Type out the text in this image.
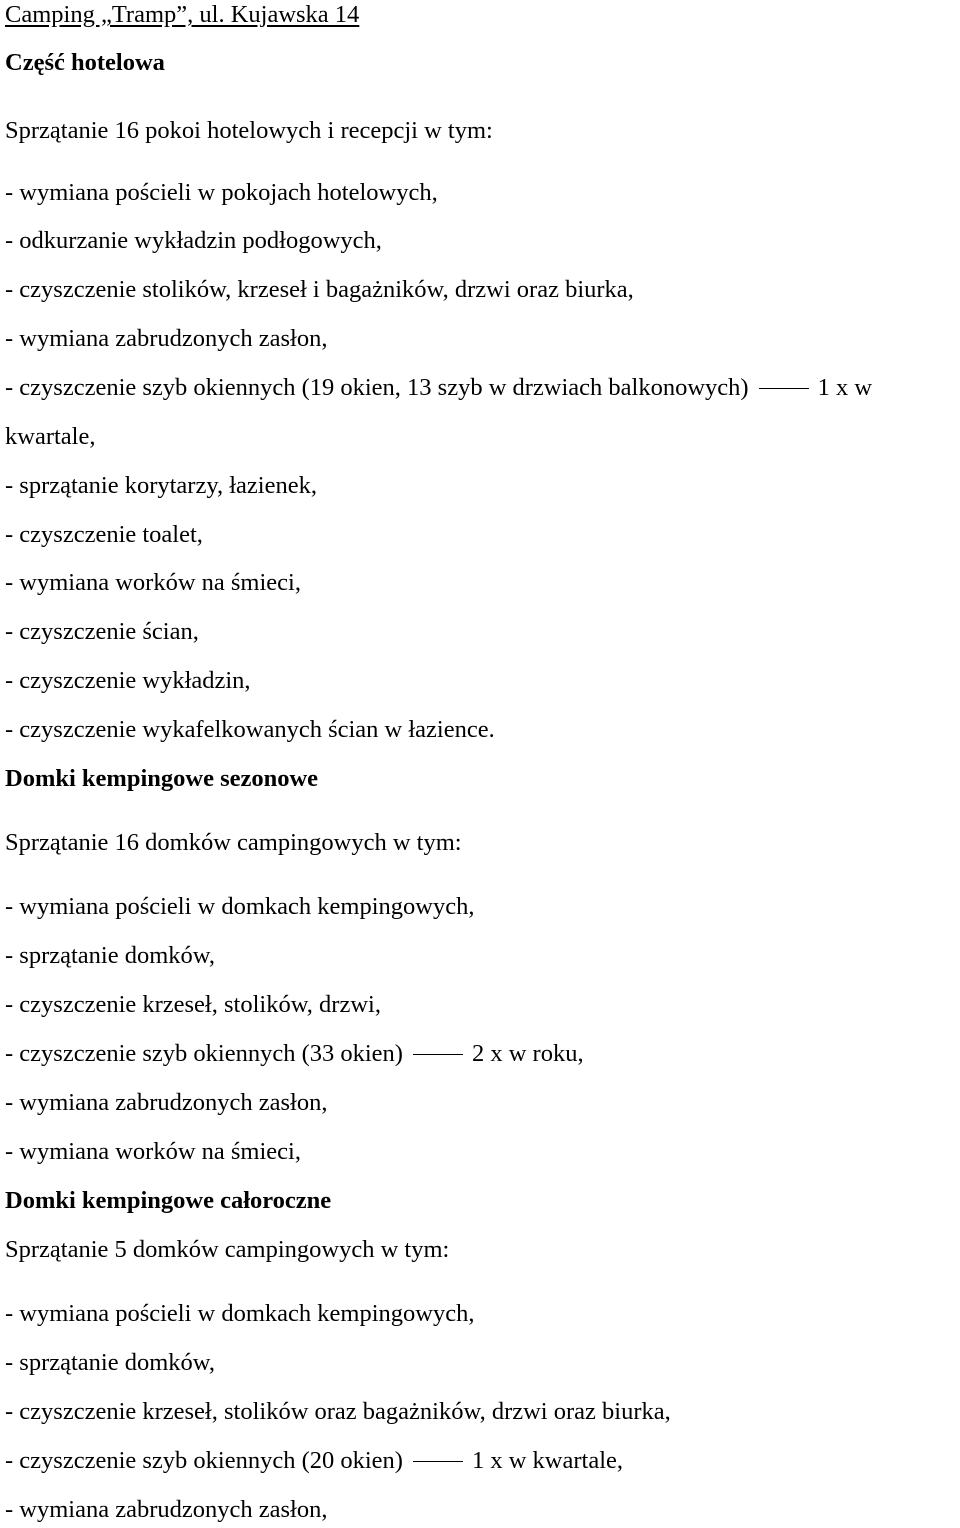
Camping „Tramp”, ul. Kujawska 14
Część hotelowa
Sprzątanie 16 pokoi hotelowych i recepcji w tym:
- wymiana pościeli w pokojach hotelowych,
- odkurzanie wykładzin podłogowych,
- czyszczenie stolików, krzeseł i bagażników, drzwi oraz biurka,
- wymiana zabrudzonych zasłon,
- czyszczenie szyb okiennych (19 okien, 13 szyb w drzwiach balkonowych)	1 x w
kwartale,
- sprzątanie korytarzy, łazienek,
- czyszczenie toalet,
- wymiana worków na śmieci,
- czyszczenie ścian,
- czyszczenie wykładzin,
- czyszczenie wykafelkowanych ścian w łazience.
Domki kempingowe sezonowe
Sprzątanie 16 domków campingowych w tym:
- wymiana pościeli w domkach kempingowych,
- sprzątanie domków,
- czyszczenie krzeseł, stolików, drzwi,
- czyszczenie szyb okiennych (33 okien)	2 x w roku,
- wymiana zabrudzonych zasłon,
- wymiana worków na śmieci,
Domki kempingowe całoroczne
Sprzątanie 5 domków campingowych w tym:
- wymiana pościeli w domkach kempingowych,
- sprzątanie domków,
- czyszczenie krzeseł, stolików oraz bagażników, drzwi oraz biurka,
- czyszczenie szyb okiennych (20 okien)	1 x w kwartale,
- wymiana zabrudzonych zasłon,
